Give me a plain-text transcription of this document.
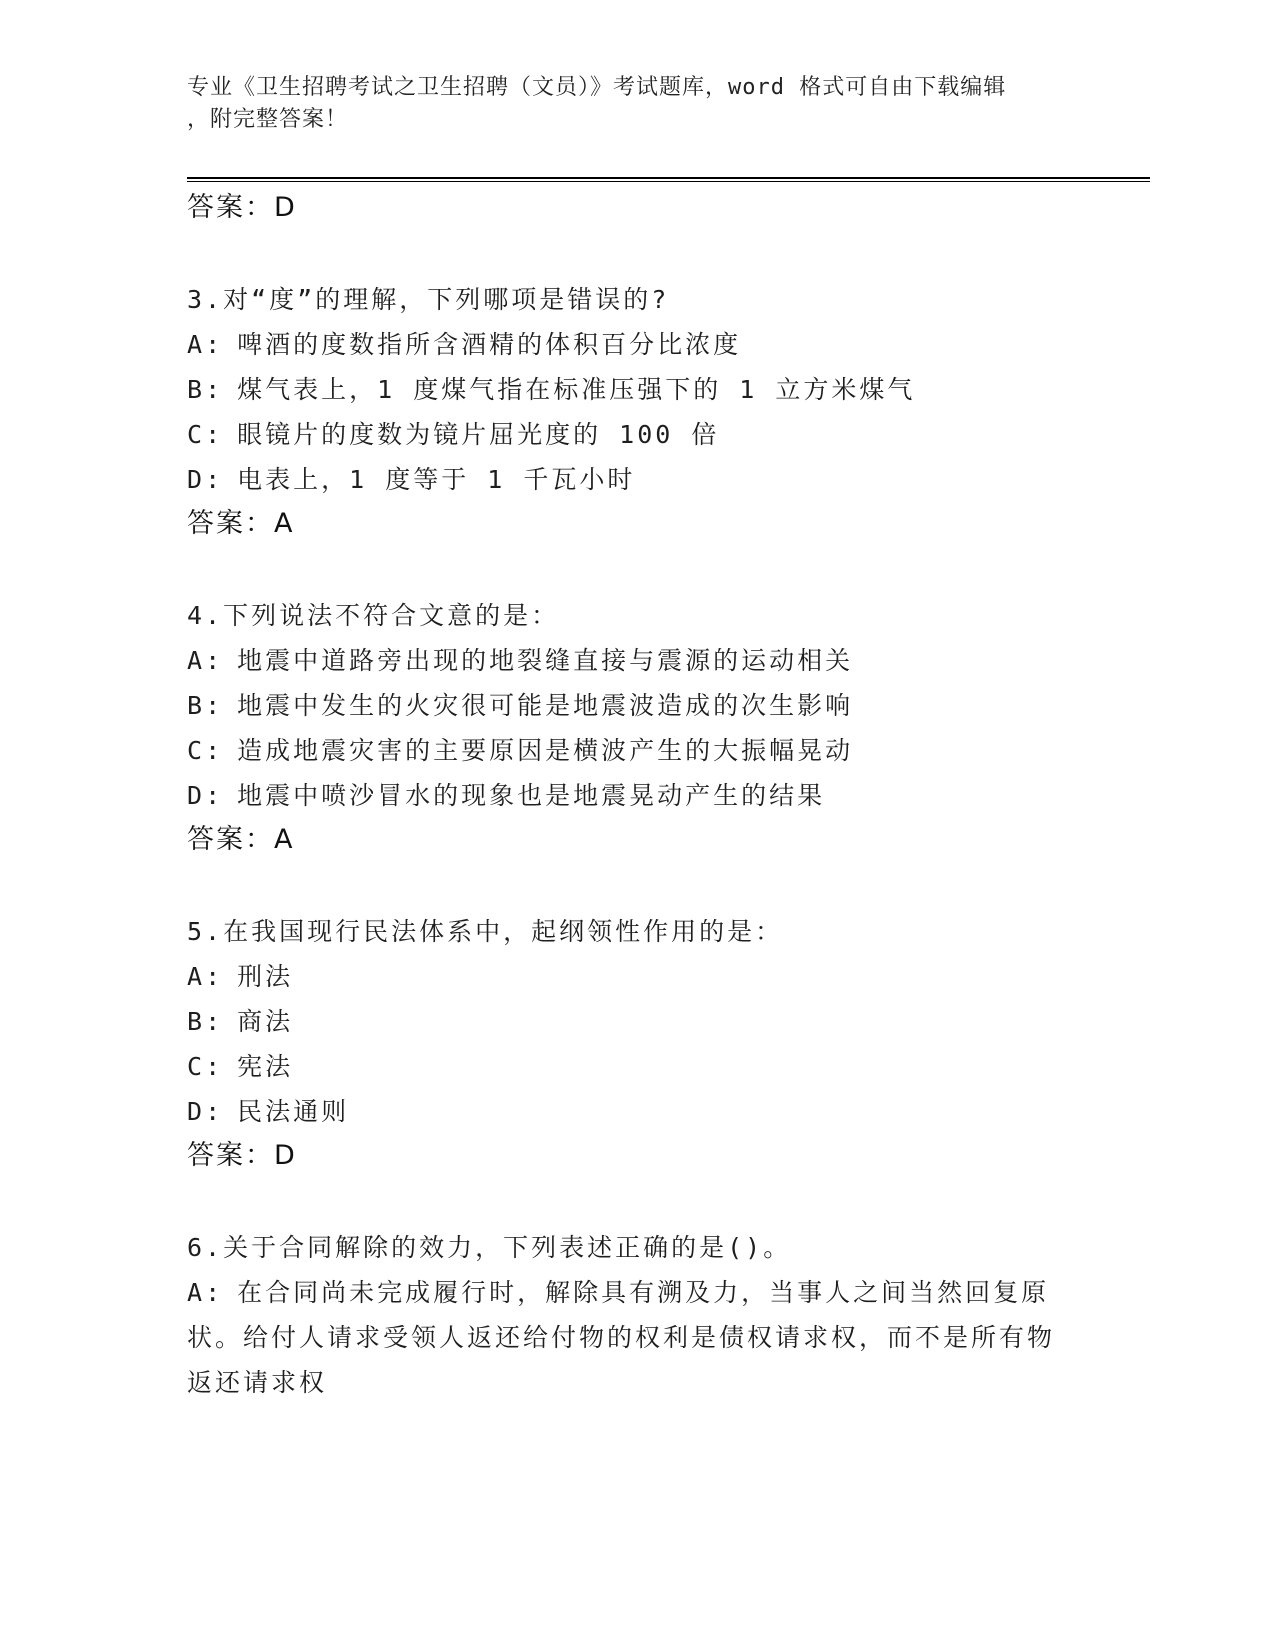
专业《卫生招聘考试之卫生招聘（文员）》考试题库，word 格式可自由下载编辑
，附完整答案！
答案：D
3.对“度”的理解，下列哪项是错误的?
A: 啤酒的度数指所含酒精的体积百分比浓度
B: 煤气表上，1 度煤气指在标准压强下的 1 立方米煤气
C: 眼镜片的度数为镜片屈光度的 100 倍
D: 电表上，1 度等于 1 千瓦小时
答案：A
4.下列说法不符合文意的是：
A: 地震中道路旁出现的地裂缝直接与震源的运动相关
B: 地震中发生的火灾很可能是地震波造成的次生影响
C: 造成地震灾害的主要原因是横波产生的大振幅晃动
D: 地震中喷沙冒水的现象也是地震晃动产生的结果
答案：A
5.在我国现行民法体系中，起纲领性作用的是：
A: 刑法
B: 商法
C: 宪法
D: 民法通则
答案：D
6.关于合同解除的效力，下列表述正确的是()。
A: 在合同尚未完成履行时，解除具有溯及力，当事人之间当然回复原状。给付人请求受领人返还给付物的权利是债权请求权，而不是所有物返还请求权
